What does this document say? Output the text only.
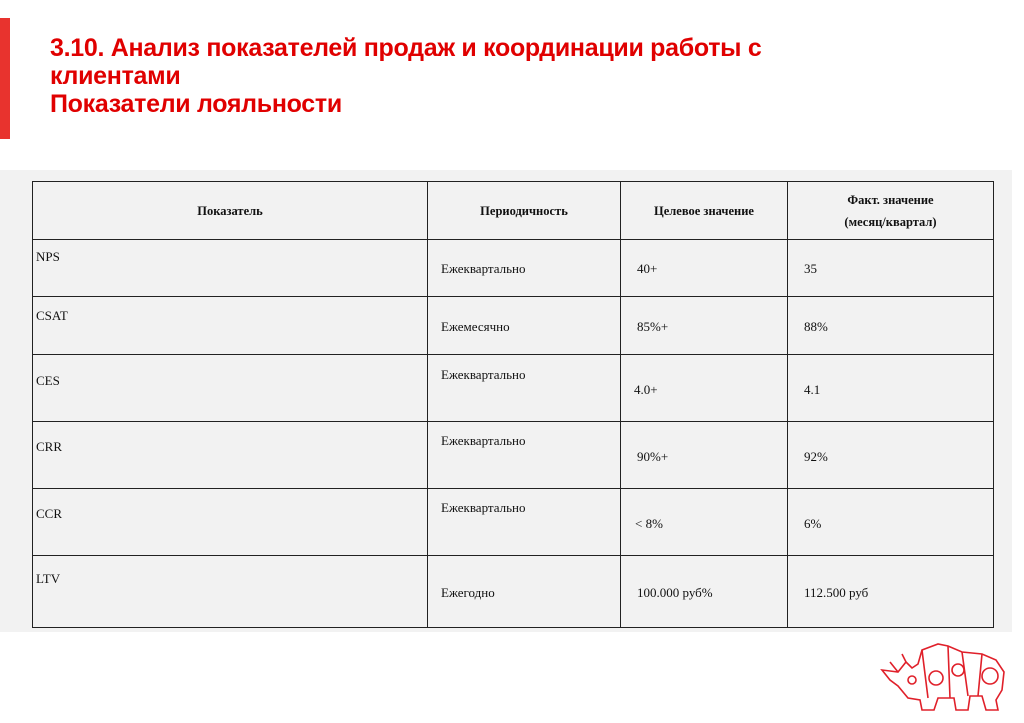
3.10. Анализ показателей продаж и координации работы с
клиентами
Показатели лояльности
Показатель	Периодичность	Целевое значение	Факт. значение
(месяц/квартал)

NPS	Ежеквартально	40+	35

CSAT	Ежемесячно	85%+	88%

CES	Ежеквартально	4.0+	4.1

CRR	Ежеквартально	90%+	92%

CCR	Ежеквартально	< 8%	6%

LTV	Ежегодно	100.000 руб%	112.500 руб
